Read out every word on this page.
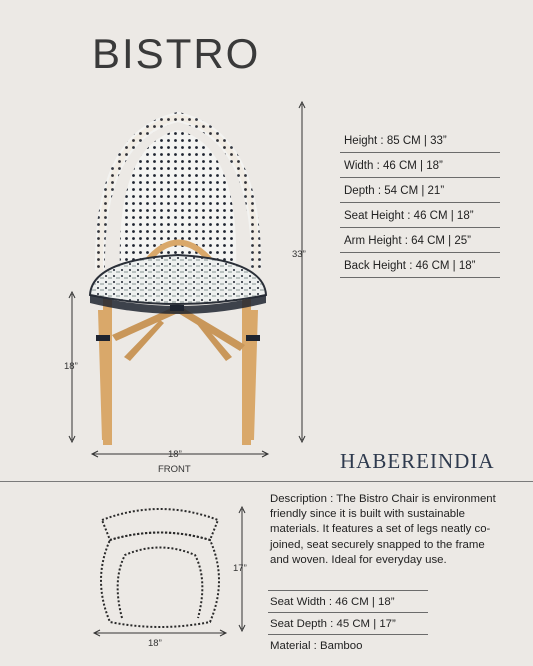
BISTRO
33”
18”
18”
FRONT
Height : 85 CM | 33”
Width : 46 CM | 18”
Depth : 54 CM | 21”
Seat Height : 46 CM | 18”
Arm Height : 64 CM | 25”
Back Height : 46 CM | 18”
HABEREINDIA
17”
18”
Description : The Bistro Chair is environment friendly since it is built with sustainable materials. It features a set of legs neatly co-joined, seat securely snapped to the frame and woven. Ideal for everyday use.
Seat Width : 46 CM | 18”
Seat Depth : 45 CM | 17”
Material : Bamboo
